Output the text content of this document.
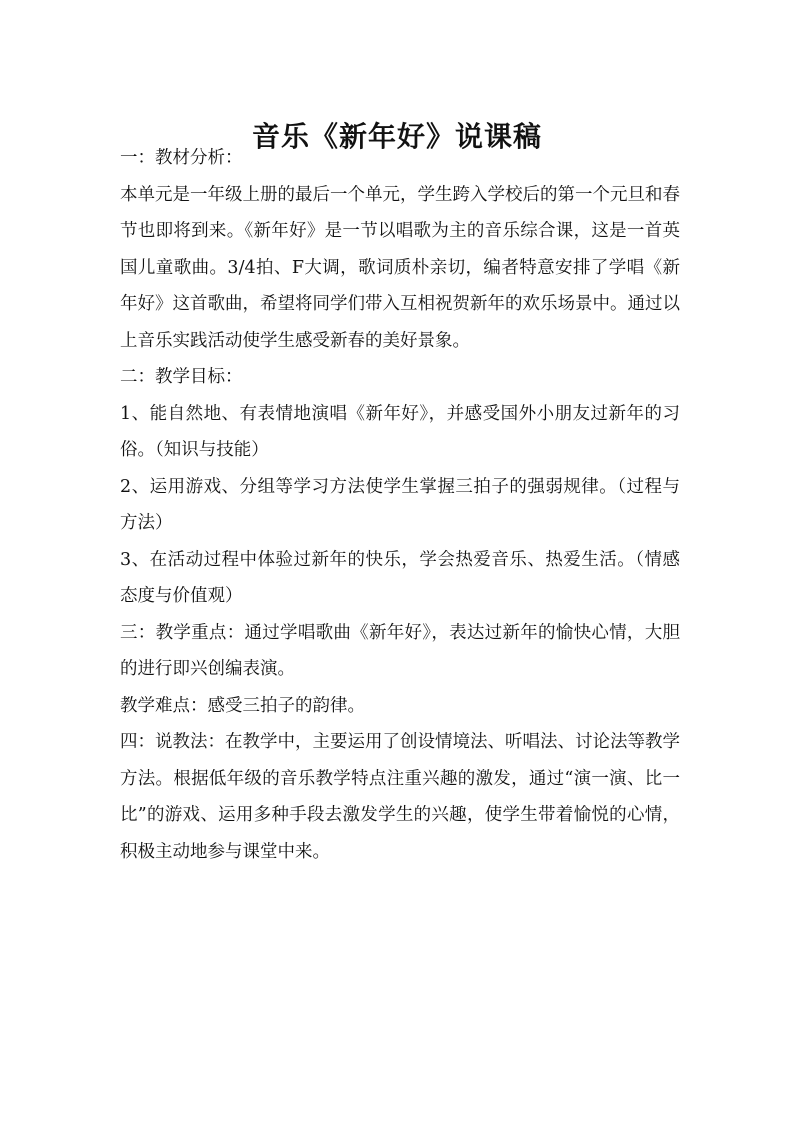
音乐《新年好》说课稿

一：教材分析：

本单元是一年级上册的最后一个单元，学生跨入学校后的第一个元旦和春节也即将到来。《新年好》是一节以唱歌为主的音乐综合课，这是一首英国儿童歌曲。3/4拍、F大调，歌词质朴亲切，编者特意安排了学唱《新年好》这首歌曲，希望将同学们带入互相祝贺新年的欢乐场景中。通过以上音乐实践活动使学生感受新春的美好景象。

二：教学目标：

1、能自然地、有表情地演唱《新年好》，并感受国外小朋友过新年的习俗。（知识与技能）

2、运用游戏、分组等学习方法使学生掌握三拍子的强弱规律。（过程与方法）

3、在活动过程中体验过新年的快乐，学会热爱音乐、热爱生活。（情感态度与价值观）

三：教学重点：通过学唱歌曲《新年好》，表达过新年的愉快心情，大胆的进行即兴创编表演。

教学难点：感受三拍子的韵律。

四：说教法：在教学中，主要运用了创设情境法、听唱法、讨论法等教学方法。根据低年级的音乐教学特点注重兴趣的激发，通过“演一演、比一比”的游戏、运用多种手段去激发学生的兴趣，使学生带着愉悦的心情，积极主动地参与课堂中来。
